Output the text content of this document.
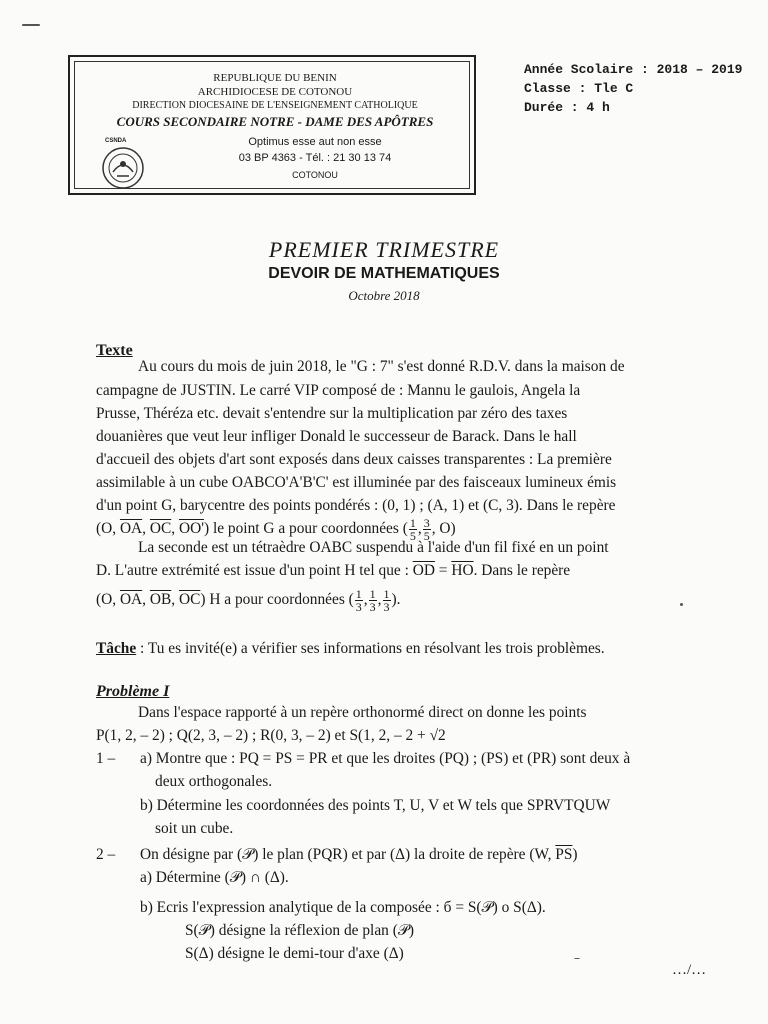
REPUBLIQUE DU BENIN
ARCHIDIOCESE DE COTONOU
DIRECTION DIOCESAINE DE L'ENSEIGNEMENT CATHOLIQUE
COURS SECONDAIRE NOTRE - DAME DES APÔTRES
Optimus esse aut non esse
03 BP 4363 - Tél. : 21 30 13 74
COTONOU
CSNDA
Année Scolaire : 2018 – 2019
Classe : Tle C
Durée : 4 h
PREMIER TRIMESTRE
DEVOIR DE MATHEMATIQUES
Octobre 2018
Texte
Au cours du mois de juin 2018, le "G : 7" s'est donné R.D.V. dans la maison de
campagne de JUSTIN. Le carré VIP composé de : Mannu le gaulois, Angela la
Prusse, Théréza etc. devait s'entendre sur la multiplication par zéro des taxes
douanières que veut leur infliger Donald le successeur de Barack. Dans le hall
d'accueil des objets d'art sont exposés dans deux caisses transparentes : La première
assimilable à un cube OABCO'A'B'C' est illuminée par des faisceaux lumineux émis
d'un point G, barycentre des points pondérés : (0, 1) ; (A, 1) et (C, 3). Dans le repère
(O, $\overline{OA}$, $\overline{OC}$, OO') le point G a pour coordonnées ( $\frac{1}{5}$ , $\frac{3}{5}$ , O)
La seconde est un tétraèdre OABC suspendu à l'aide d'un fil fixé en un point
D. L'autre extrémité est issue d'un point H tel que : $\overline{OD} = \overline{HO}$. Dans le repère
(O, $\overline{OA}$, $\overline{OB}$, $\overline{OC}$) H a pour coordonnées ( $\frac{1}{3}$ , $\frac{1}{3}$ , $\frac{1}{3}$ ).
Tâche : Tu es invité(e) a vérifier ses informations en résolvant les trois problèmes.
Problème I
Dans l'espace rapporté à un repère orthonormé direct on donne les points
P(1, 2, – 2) ; Q(2, 3, – 2) ; R(0, 3, – 2) et S(1, 2, – 2 + √2
1 – a) Montre que : PQ = PS = PR et que les droites (PQ) ; (PS) et (PR) sont deux à
deux orthogonales.
b) Détermine les coordonnées des points T, U, V et W tels que SPRVTQUW
soit un cube.
2 – On désigne par (𝒫) le plan (PQR) et par (Δ) la droite de repère (W, $\overline{PS}$)
a) Détermine (𝒫) ∩ (Δ).
b) Ecris l'expression analytique de la composée : б = S(𝒫) o S(Δ).
S(𝒫) désigne la réflexion de plan (𝒫)
S(Δ) désigne le demi-tour d'axe (Δ)
…/…
